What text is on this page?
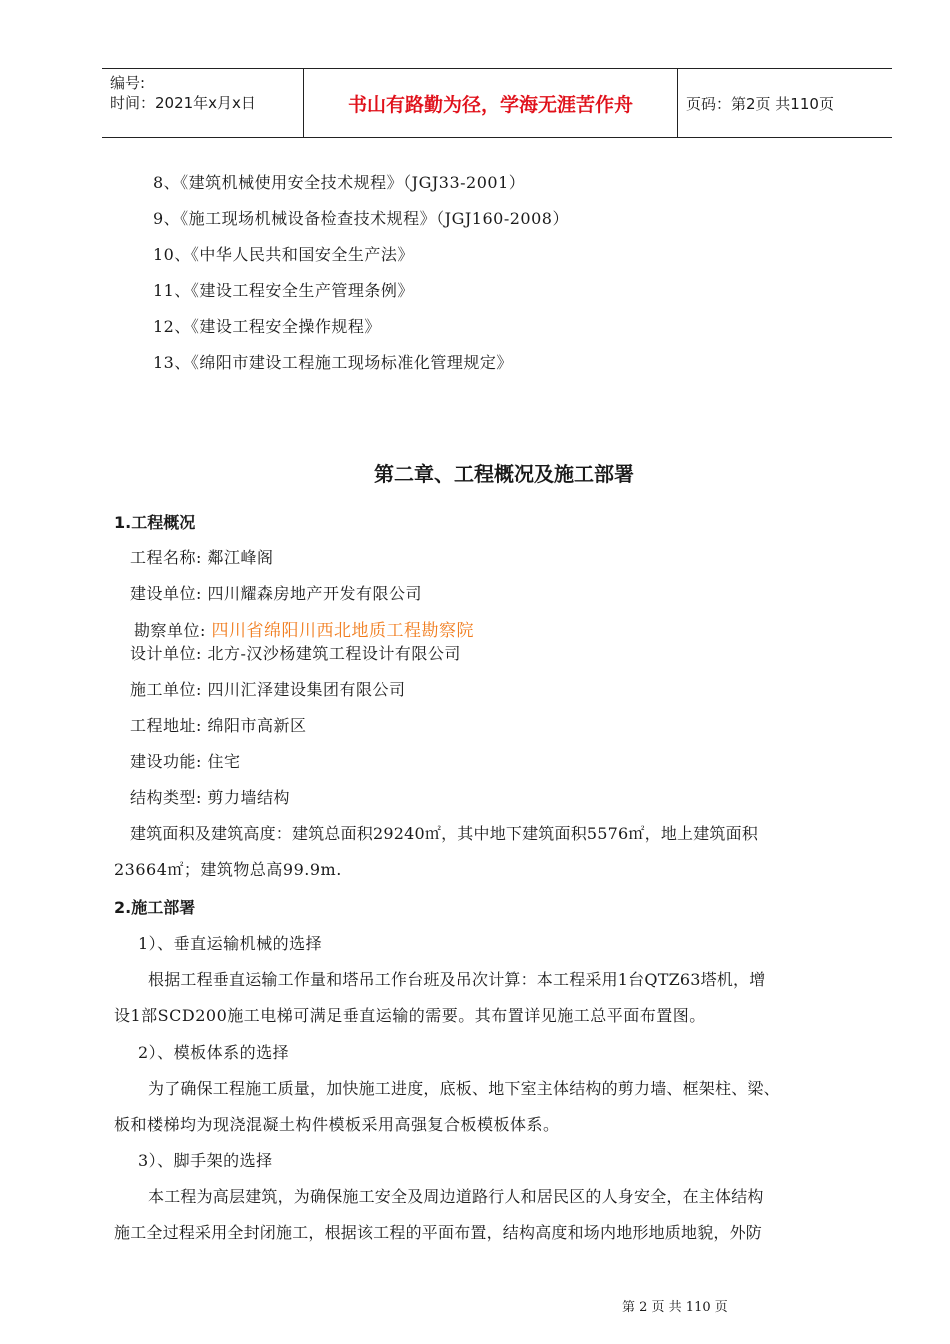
编号:
时间：2021年x月x日	书山有路勤为径，学海无涯苦作舟	页码：第2页 共110页
8、《建筑机械使用安全技术规程》（JGJ33-2001）
9、《施工现场机械设备检查技术规程》（JGJ160-2008）
10、《中华人民共和国安全生产法》
11、《建设工程安全生产管理条例》
12、《建设工程安全操作规程》
13、《绵阳市建设工程施工现场标准化管理规定》
第二章、工程概况及施工部署
1.工程概况
工程名称: 鄰江峰阁
建设单位: 四川耀森房地产开发有限公司
勘察单位: 四川省绵阳川西北地质工程勘察院
设计单位: 北方-汉沙杨建筑工程设计有限公司
施工单位: 四川汇泽建设集团有限公司
工程地址: 绵阳市高新区
建设功能: 住宅
结构类型: 剪力墙结构
建筑面积及建筑高度：建筑总面积29240㎡，其中地下建筑面积5576㎡，地上建筑面积
23664㎡；建筑物总高99.9m.
2.施工部署
1）、垂直运输机械的选择
根据工程垂直运输工作量和塔吊工作台班及吊次计算：本工程采用1台QTZ63塔机，增
设1部SCD200施工电梯可满足垂直运输的需要。其布置详见施工总平面布置图。
2）、模板体系的选择
为了确保工程施工质量，加快施工进度，底板、地下室主体结构的剪力墙、框架柱、梁、
板和楼梯均为现浇混凝土构件模板采用高强复合板模板体系。
3）、脚手架的选择
本工程为高层建筑，为确保施工安全及周边道路行人和居民区的人身安全，在主体结构
施工全过程采用全封闭施工，根据该工程的平面布置，结构高度和场内地形地质地貌，外防
第 2 页 共 110 页
